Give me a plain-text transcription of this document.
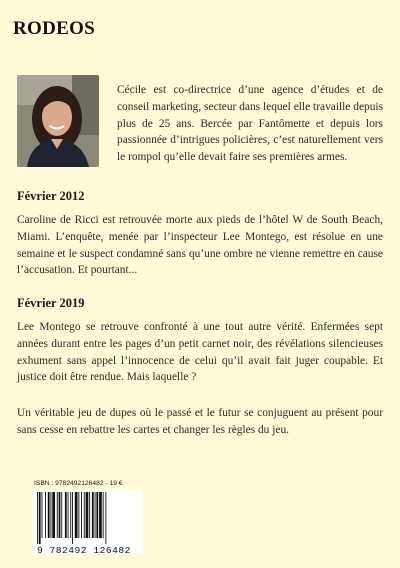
RODEOS
Cécile est co-directrice d’une agence d’études et de conseil marketing, secteur dans lequel elle travaille depuis plus de 25 ans. Bercée par Fantômette et depuis lors passionnée d’intrigues policières, c’est naturellement vers le rompol qu’elle devait faire ses premières armes.
Février 2012
Caroline de Ricci est retrouvée morte aux pieds de l’hôtel W de South Beach, Miami. L’enquête, menée par l’inspecteur Lee Montego, est résolue en une semaine et le suspect condamné sans qu’une ombre ne vienne remettre en cause l’accusation. Et pourtant...
Février 2019
Lee Montego se retrouve confronté à une tout autre vérité. Enfermées sept années durant entre les pages d’un petit carnet noir, des révélations silencieuses exhument sans appel l’innocence de celui qu’il avait fait juger coupable. Et justice doit être rendue. Mais laquelle ?
Un véritable jeu de dupes où le passé et le futur se conjuguent au présent pour sans cesse en rebattre les cartes et changer les règles du jeu.
ISBN : 9782492126482 - 19 €
9 782492 126482
